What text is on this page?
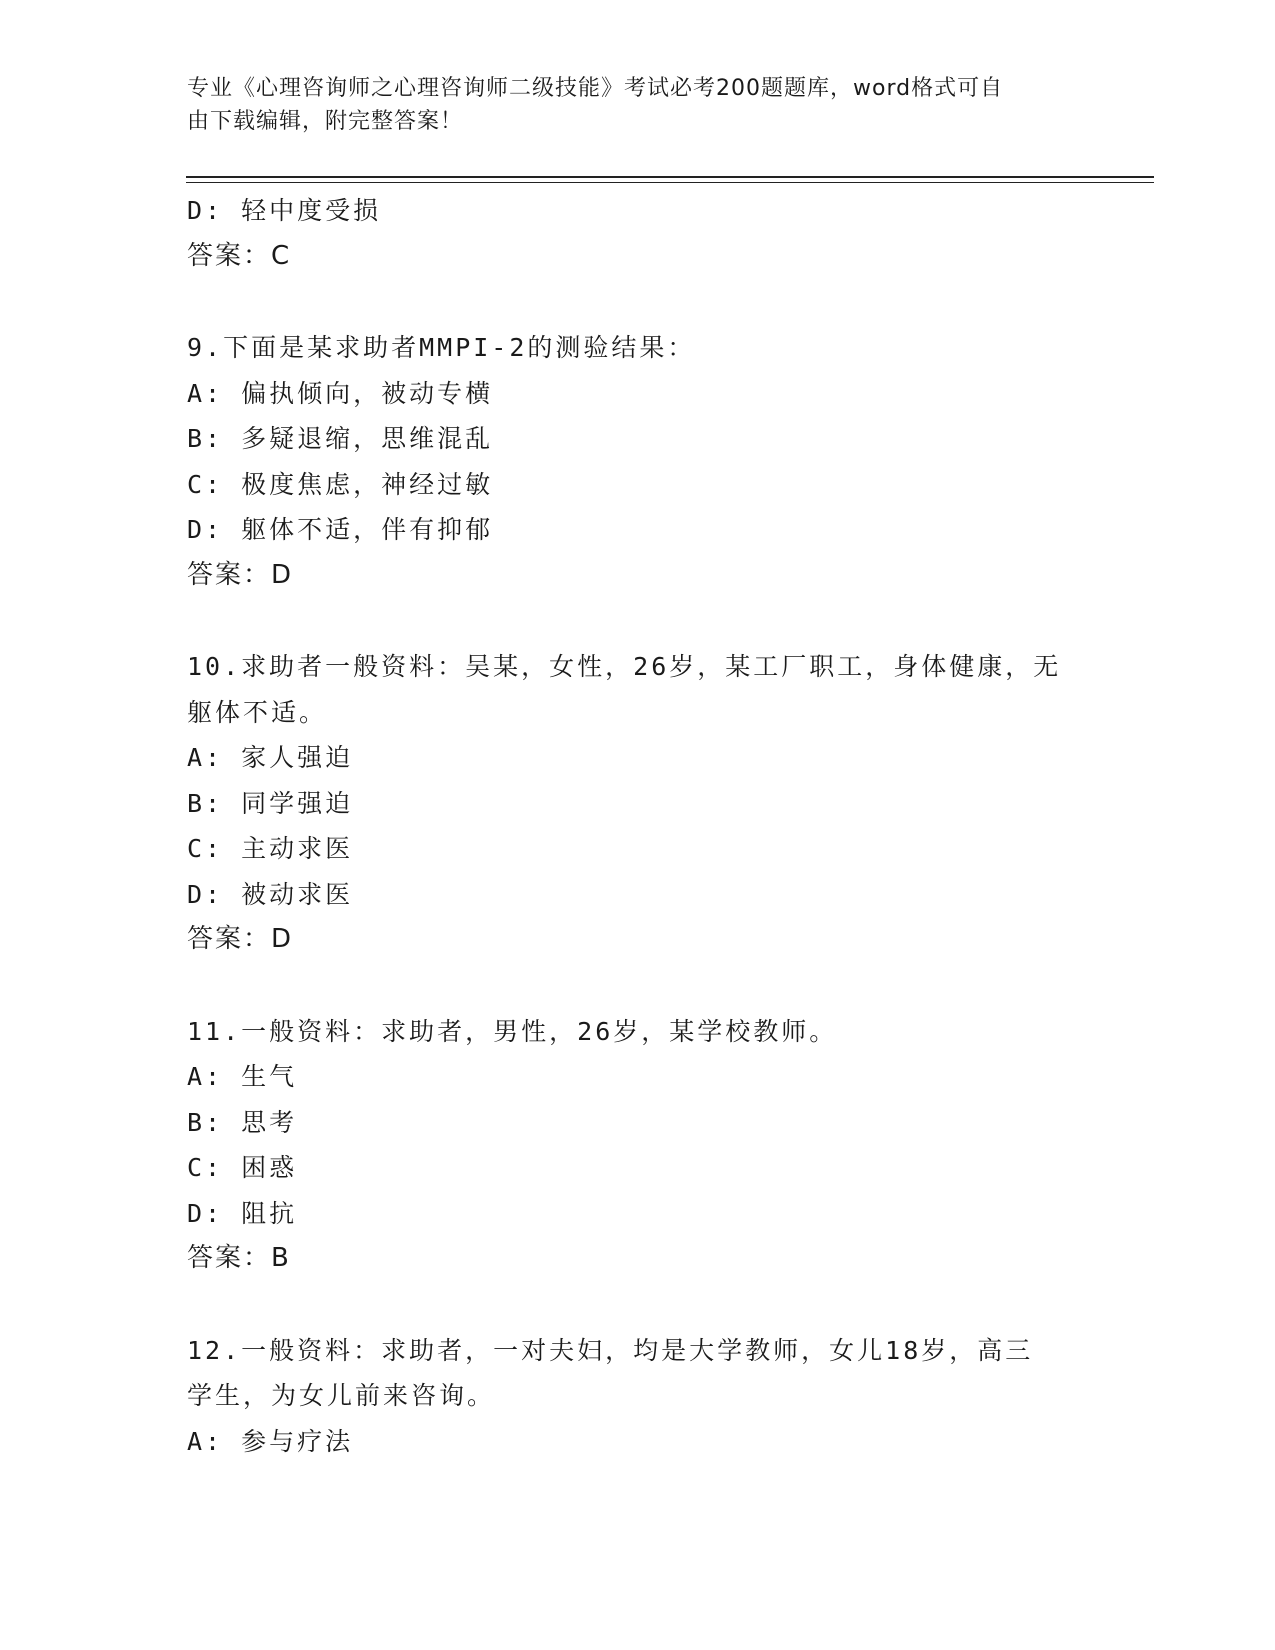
专业《心理咨询师之心理咨询师二级技能》考试必考200题题库，word格式可自
由下载编辑，附完整答案！
D: 轻中度受损
答案：C
9.下面是某求助者MMPI-2的测验结果：
A: 偏执倾向，被动专横
B: 多疑退缩，思维混乱
C: 极度焦虑，神经过敏
D: 躯体不适，伴有抑郁
答案：D
10.求助者一般资料：吴某，女性，26岁，某工厂职工，身体健康，无
躯体不适。
A: 家人强迫
B: 同学强迫
C: 主动求医
D: 被动求医
答案：D
11.一般资料：求助者，男性，26岁，某学校教师。
A: 生气
B: 思考
C: 困惑
D: 阻抗
答案：B
12.一般资料：求助者，一对夫妇，均是大学教师，女儿18岁，高三
学生，为女儿前来咨询。
A: 参与疗法
